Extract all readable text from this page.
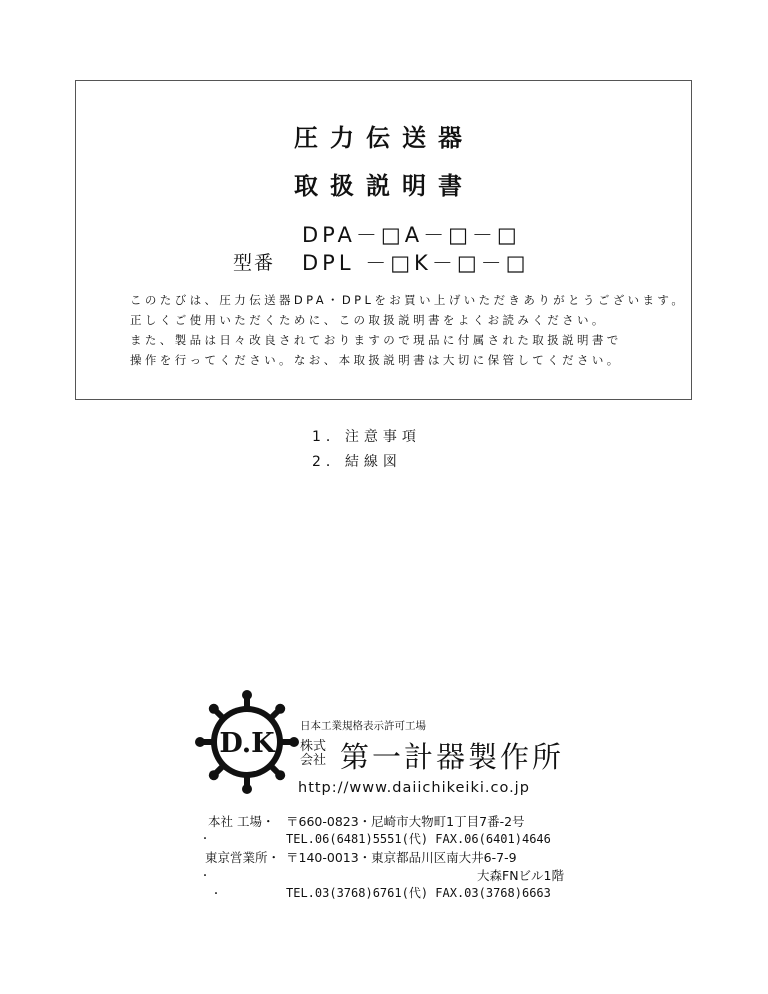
圧力伝送器
取扱説明書
DPA－□A－□－□
型番 DPL －□K－□－□
このたびは、圧力伝送器DPA・DPLをお買い上げいただきありがとうございます。
正しくご使用いただくために、この取扱説明書をよくお読みください。
また、製品は日々改良されておりますので現品に付属された取扱説明書で
操作を行ってください。なお、本取扱説明書は大切に保管してください。
1．注意事項
2．結線図
D.K
日本工業規格表示許可工場
株式
会社 第一計器製作所
http://www.daiichikeiki.co.jp
本社 工場・ 〒660-0823・尼崎市大物町1丁目7番-2号
・	TEL.06(6481)5551(代) FAX.06(6401)4646
東京営業所・ 〒140-0013・東京都品川区南大井6-7-9
・	大森FNビル1階
・	TEL.03(3768)6761(代) FAX.03(3768)6663
